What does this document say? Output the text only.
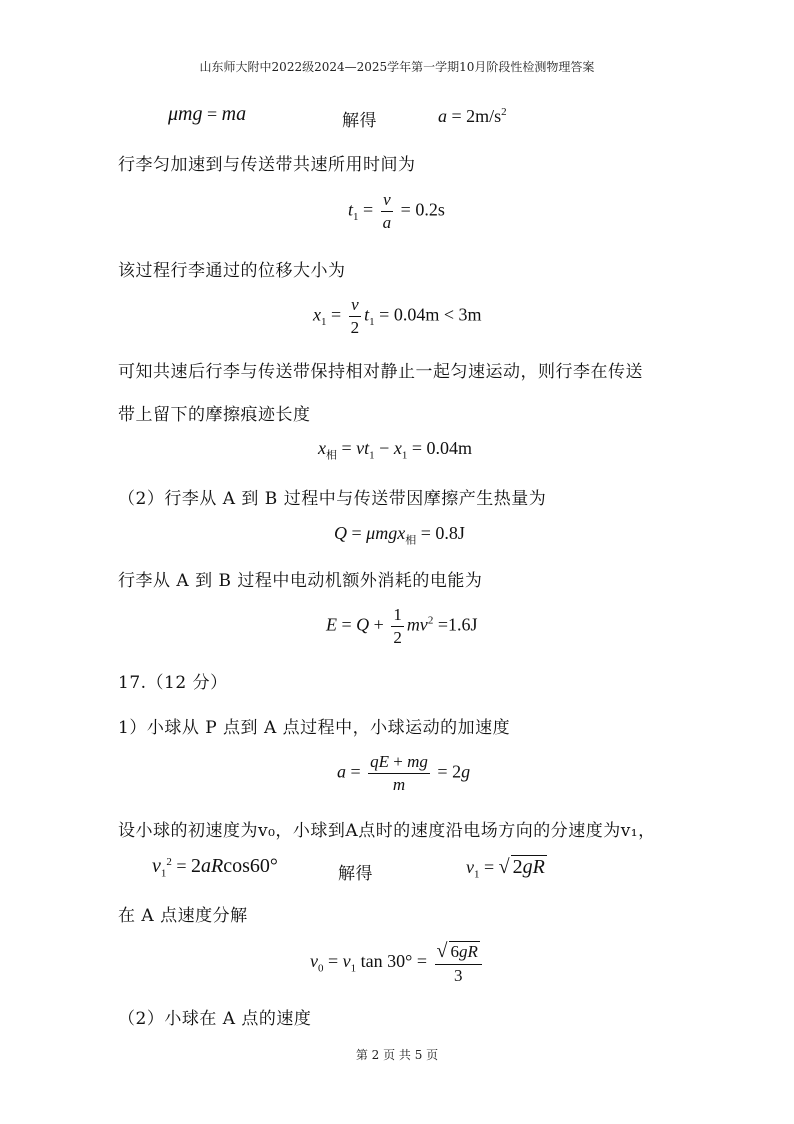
山东师大附中2022级2024—2025学年第一学期10月阶段性检测物理答案
μmg = ma	解得	$a = 2m/s^2$
行李匀加速到与传送带共速所用时间为
$t_1 = \frac{v}{a} = 0.2s$
该过程行李通过的位移大小为
$x_1 = \frac{v}{2} t_1 = 0.04m < 3m$
可知共速后行李与传送带保持相对静止一起匀速运动，则行李在传送
带上留下的摩擦痕迹长度
$x_相 = vt_1 - x_1 = 0.04m$
（2）行李从 A 到 B 过程中与传送带因摩擦产生热量为
Q = μmgx$_相$ = 0.8J
行李从 A 到 B 过程中电动机额外消耗的电能为
$E = Q + \frac{1}{2} mv^2 =1.6J$
17.（12 分）
1）小球从 P 点到 A 点过程中，小球运动的加速度
$a = \frac{qE + mg}{m} = 2g$
设小球的初速度为v₀，小球到A点时的速度沿电场方向的分速度为v₁，
$v_1^2 = 2aRcos60^\circ$	解得	$v_1$ = √ 2gR
在 A 点速度分解
$v_0 = v_1$ $\tan 30^\circ = \frac{√ 6gR}{3}$
（2）小球在 A 点的速度
第 2 页 共 5 页
